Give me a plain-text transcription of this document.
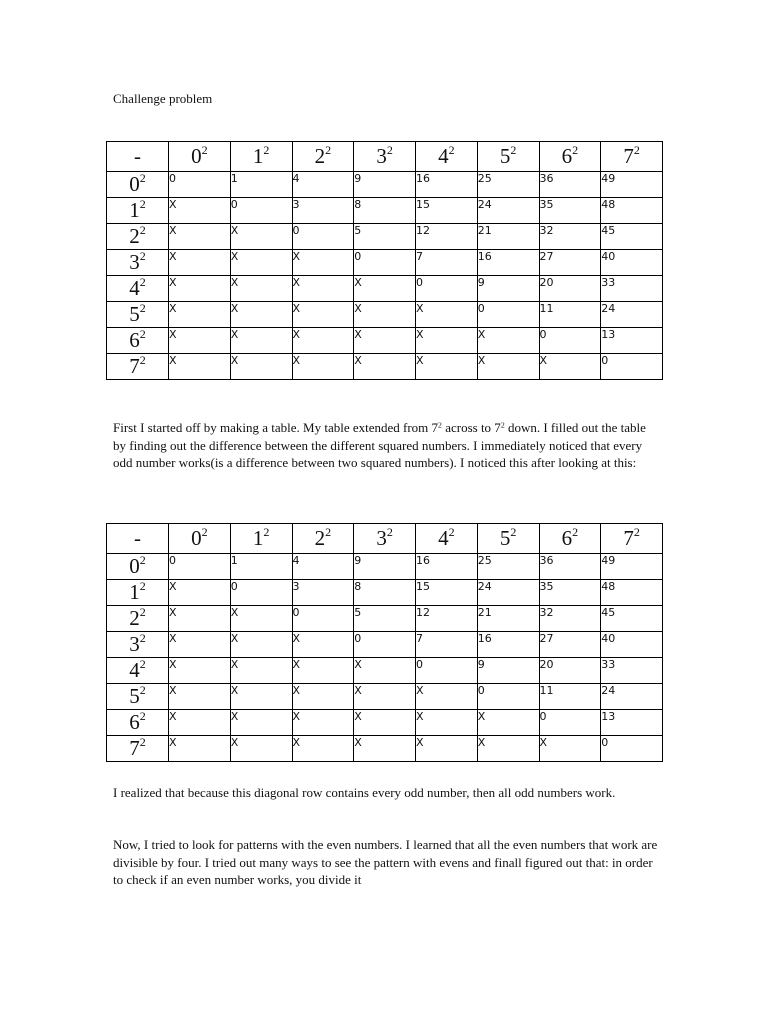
Challenge problem
-	$0^2$	$1^2$	$2^2$	$3^2$	$4^2$	$5^2$	$6^2$	$7^2$
$0^2$	0	1	4	9	16	25	36	49
$1^2$	X	0	3	8	15	24	35	48
$2^2$	X	X	0	5	12	21	32	45
$3^2$	X	X	X	0	7	16	27	40
$4^2$	X	X	X	X	0	9	20	33
$5^2$	X	X	X	X	X	0	11	24
$6^2$	X	X	X	X	X	X	0	13
$7^2$	X	X	X	X	X	X	X	0
First I started off by making a table. My table extended from $7^2$ across to $7^2$ down. I filled out the table by finding out the difference between the different squared numbers. I immediately noticed that every odd number works(is a difference between two squared numbers). I noticed this after looking at this:
-	$0^2$	$1^2$	$2^2$	$3^2$	$4^2$	$5^2$	$6^2$	$7^2$
$0^2$	0	1	4	9	16	25	36	49
$1^2$	X	0	3	8	15	24	35	48
$2^2$	X	X	0	5	12	21	32	45
$3^2$	X	X	X	0	7	16	27	40
$4^2$	X	X	X	X	0	9	20	33
$5^2$	X	X	X	X	X	0	11	24
$6^2$	X	X	X	X	X	X	0	13
$7^2$	X	X	X	X	X	X	X	0
I realized that because this diagonal row contains every odd number, then all odd numbers work.
Now, I tried to look for patterns with the even numbers. I learned that all the even numbers that work are divisible by four. I tried out many ways to see the pattern with evens and finall figured out that: in order to check if an even number works, you divide it
